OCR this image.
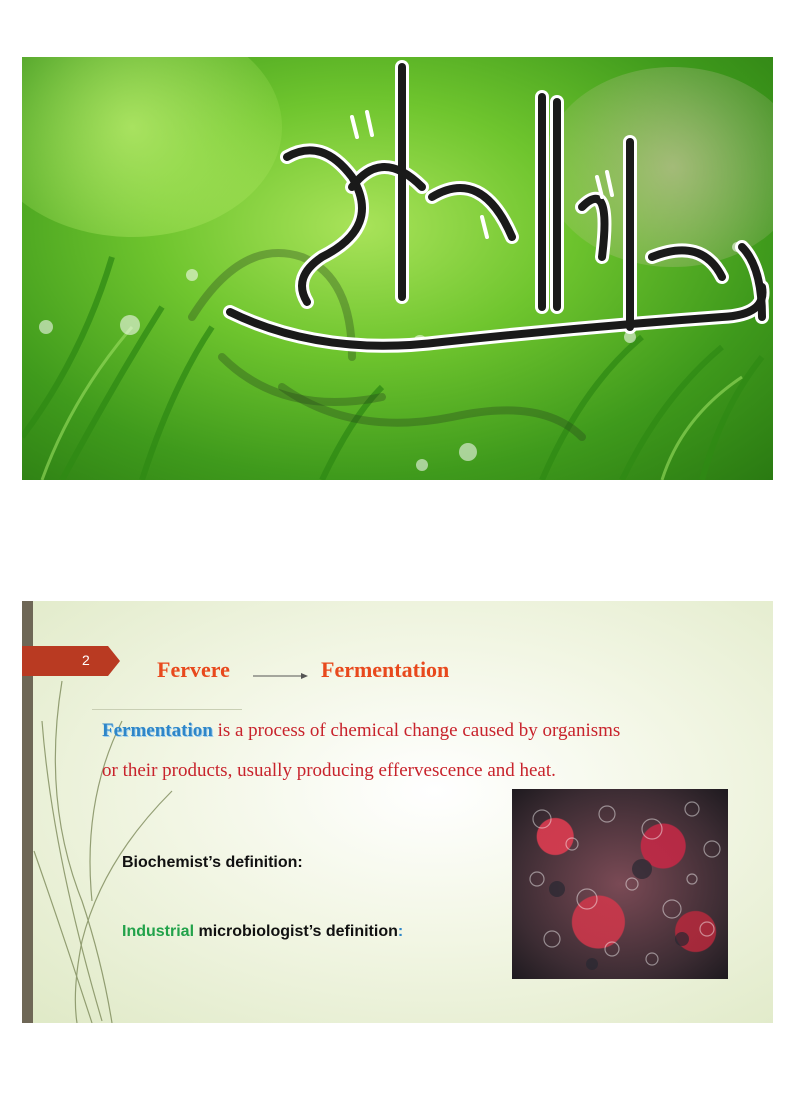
2	Fervere	Fermentation
Fermentation is a process of chemical change caused by organisms
or their products, usually producing effervescence and heat.
Biochemist’s definition:
Industrial microbiologist’s definition:
